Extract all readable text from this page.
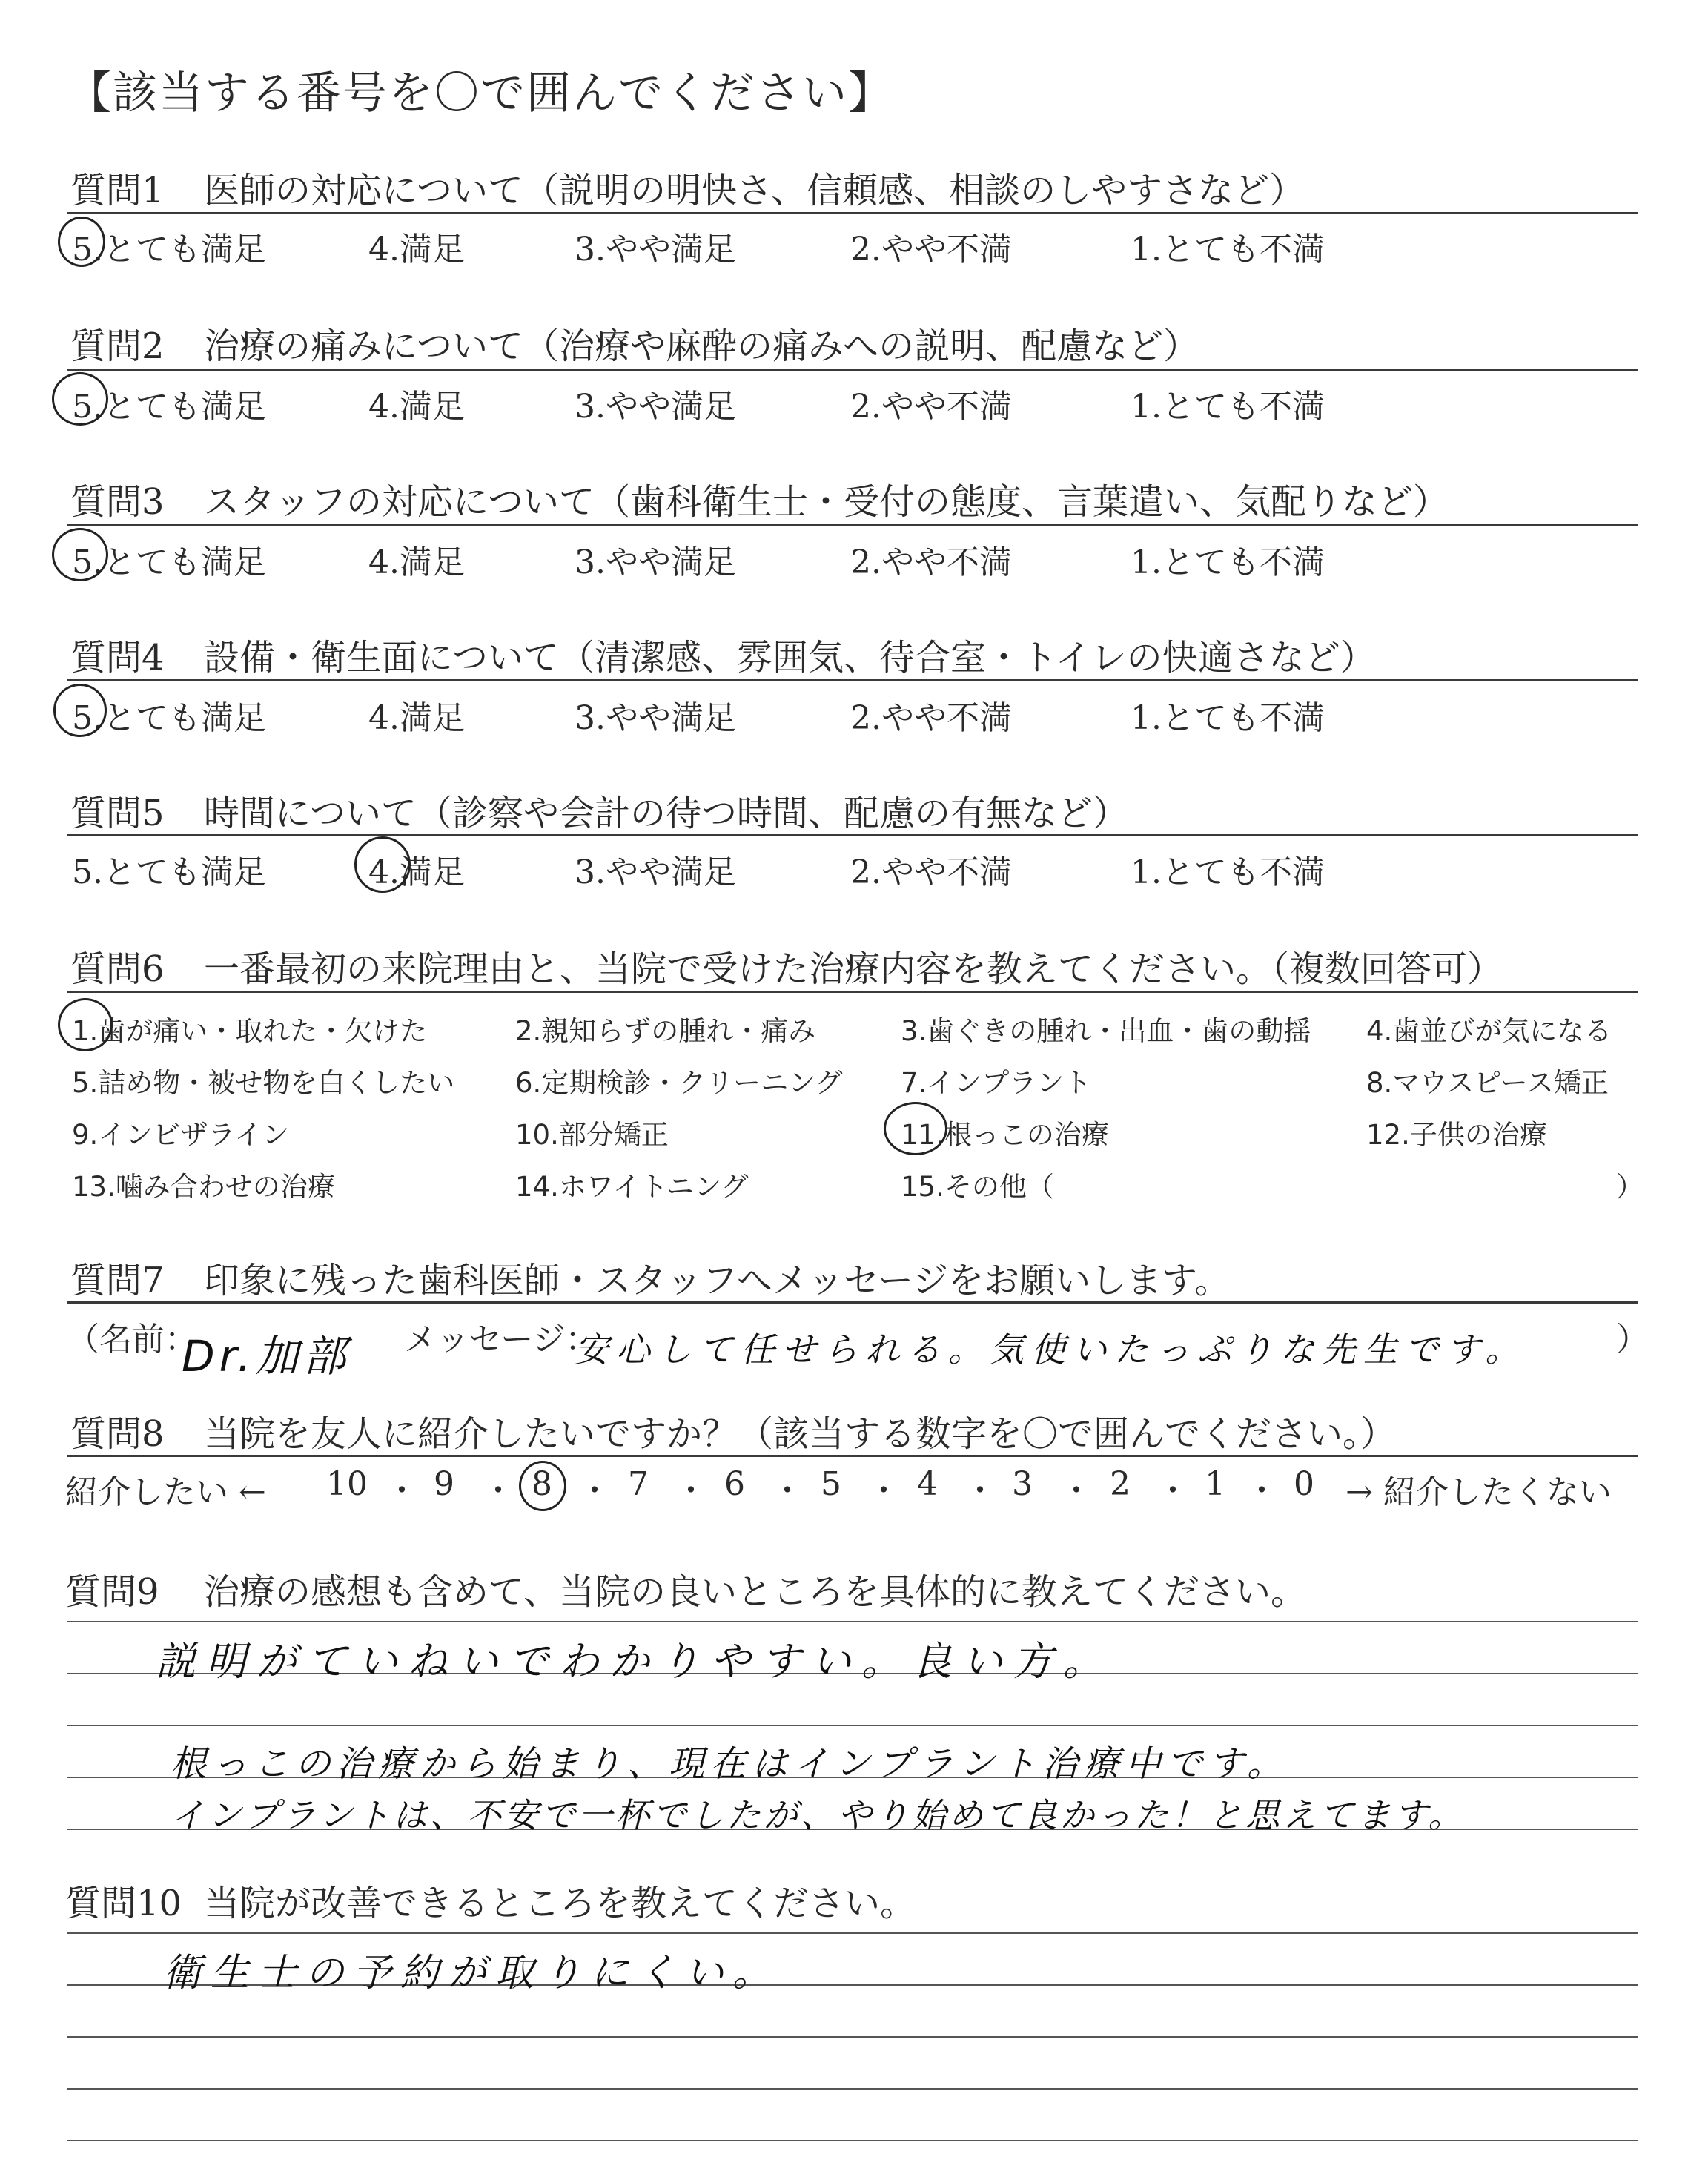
【該当する番号を〇で囲んでください】
質問1 医師の対応について（説明の明快さ、信頼感、相談のしやすさなど）
5.とても満足	4.満足	3.やや満足	2.やや不満	1.とても不満
質問2 治療の痛みについて（治療や麻酔の痛みへの説明、配慮など）
5.とても満足	4.満足	3.やや満足	2.やや不満	1.とても不満
質問3 スタッフの対応について（歯科衛生士・受付の態度、言葉遣い、気配りなど）
5.とても満足	4.満足	3.やや満足	2.やや不満	1.とても不満
質問4 設備・衛生面について（清潔感、雰囲気、待合室・トイレの快適さなど）
5.とても満足	4.満足	3.やや満足	2.やや不満	1.とても不満
質問5 時間について（診察や会計の待つ時間、配慮の有無など）
5.とても満足	4.満足	3.やや満足	2.やや不満	1.とても不満
質問6 一番最初の来院理由と、当院で受けた治療内容を教えてください。（複数回答可）
1.歯が痛い・取れた・欠けた	2.親知らずの腫れ・痛み	3.歯ぐきの腫れ・出血・歯の動揺 4.歯並びが気になる
5.詰め物・被せ物を白くしたい 6.定期検診・クリーニング 7.インプラント	8.マウスピース矯正
9.インビザライン	10.部分矯正	11.根っこの治療	12.子供の治療
13.噛み合わせの治療	14.ホワイトニング	15.その他（	）
質問7 印象に残った歯科医師・スタッフへメッセージをお願いします。
（名前：
Dr.加部 メッセージ：
安心して任せられる。気使いたっぷりな先生です。	）
質問8 当院を友人に紹介したいですか？（該当する数字を〇で囲んでください。）
紹介したい ← 10 9 8 7 6 5 4 3 2 1 0
・ ・ ・ ・ ・ ・ ・ ・ ・ ・ → 紹介したくない
質問9 治療の感想も含めて、当院の良いところを具体的に教えてください。
説明がていねいでわかりやすい。良い方。
根っこの治療から始まり、現在はインプラント治療中です。
インプラントは、不安で一杯でしたが、やり始めて良かった！と思えてます。
質問10 当院が改善できるところを教えてください。
衛生士の予約が取りにくい。
